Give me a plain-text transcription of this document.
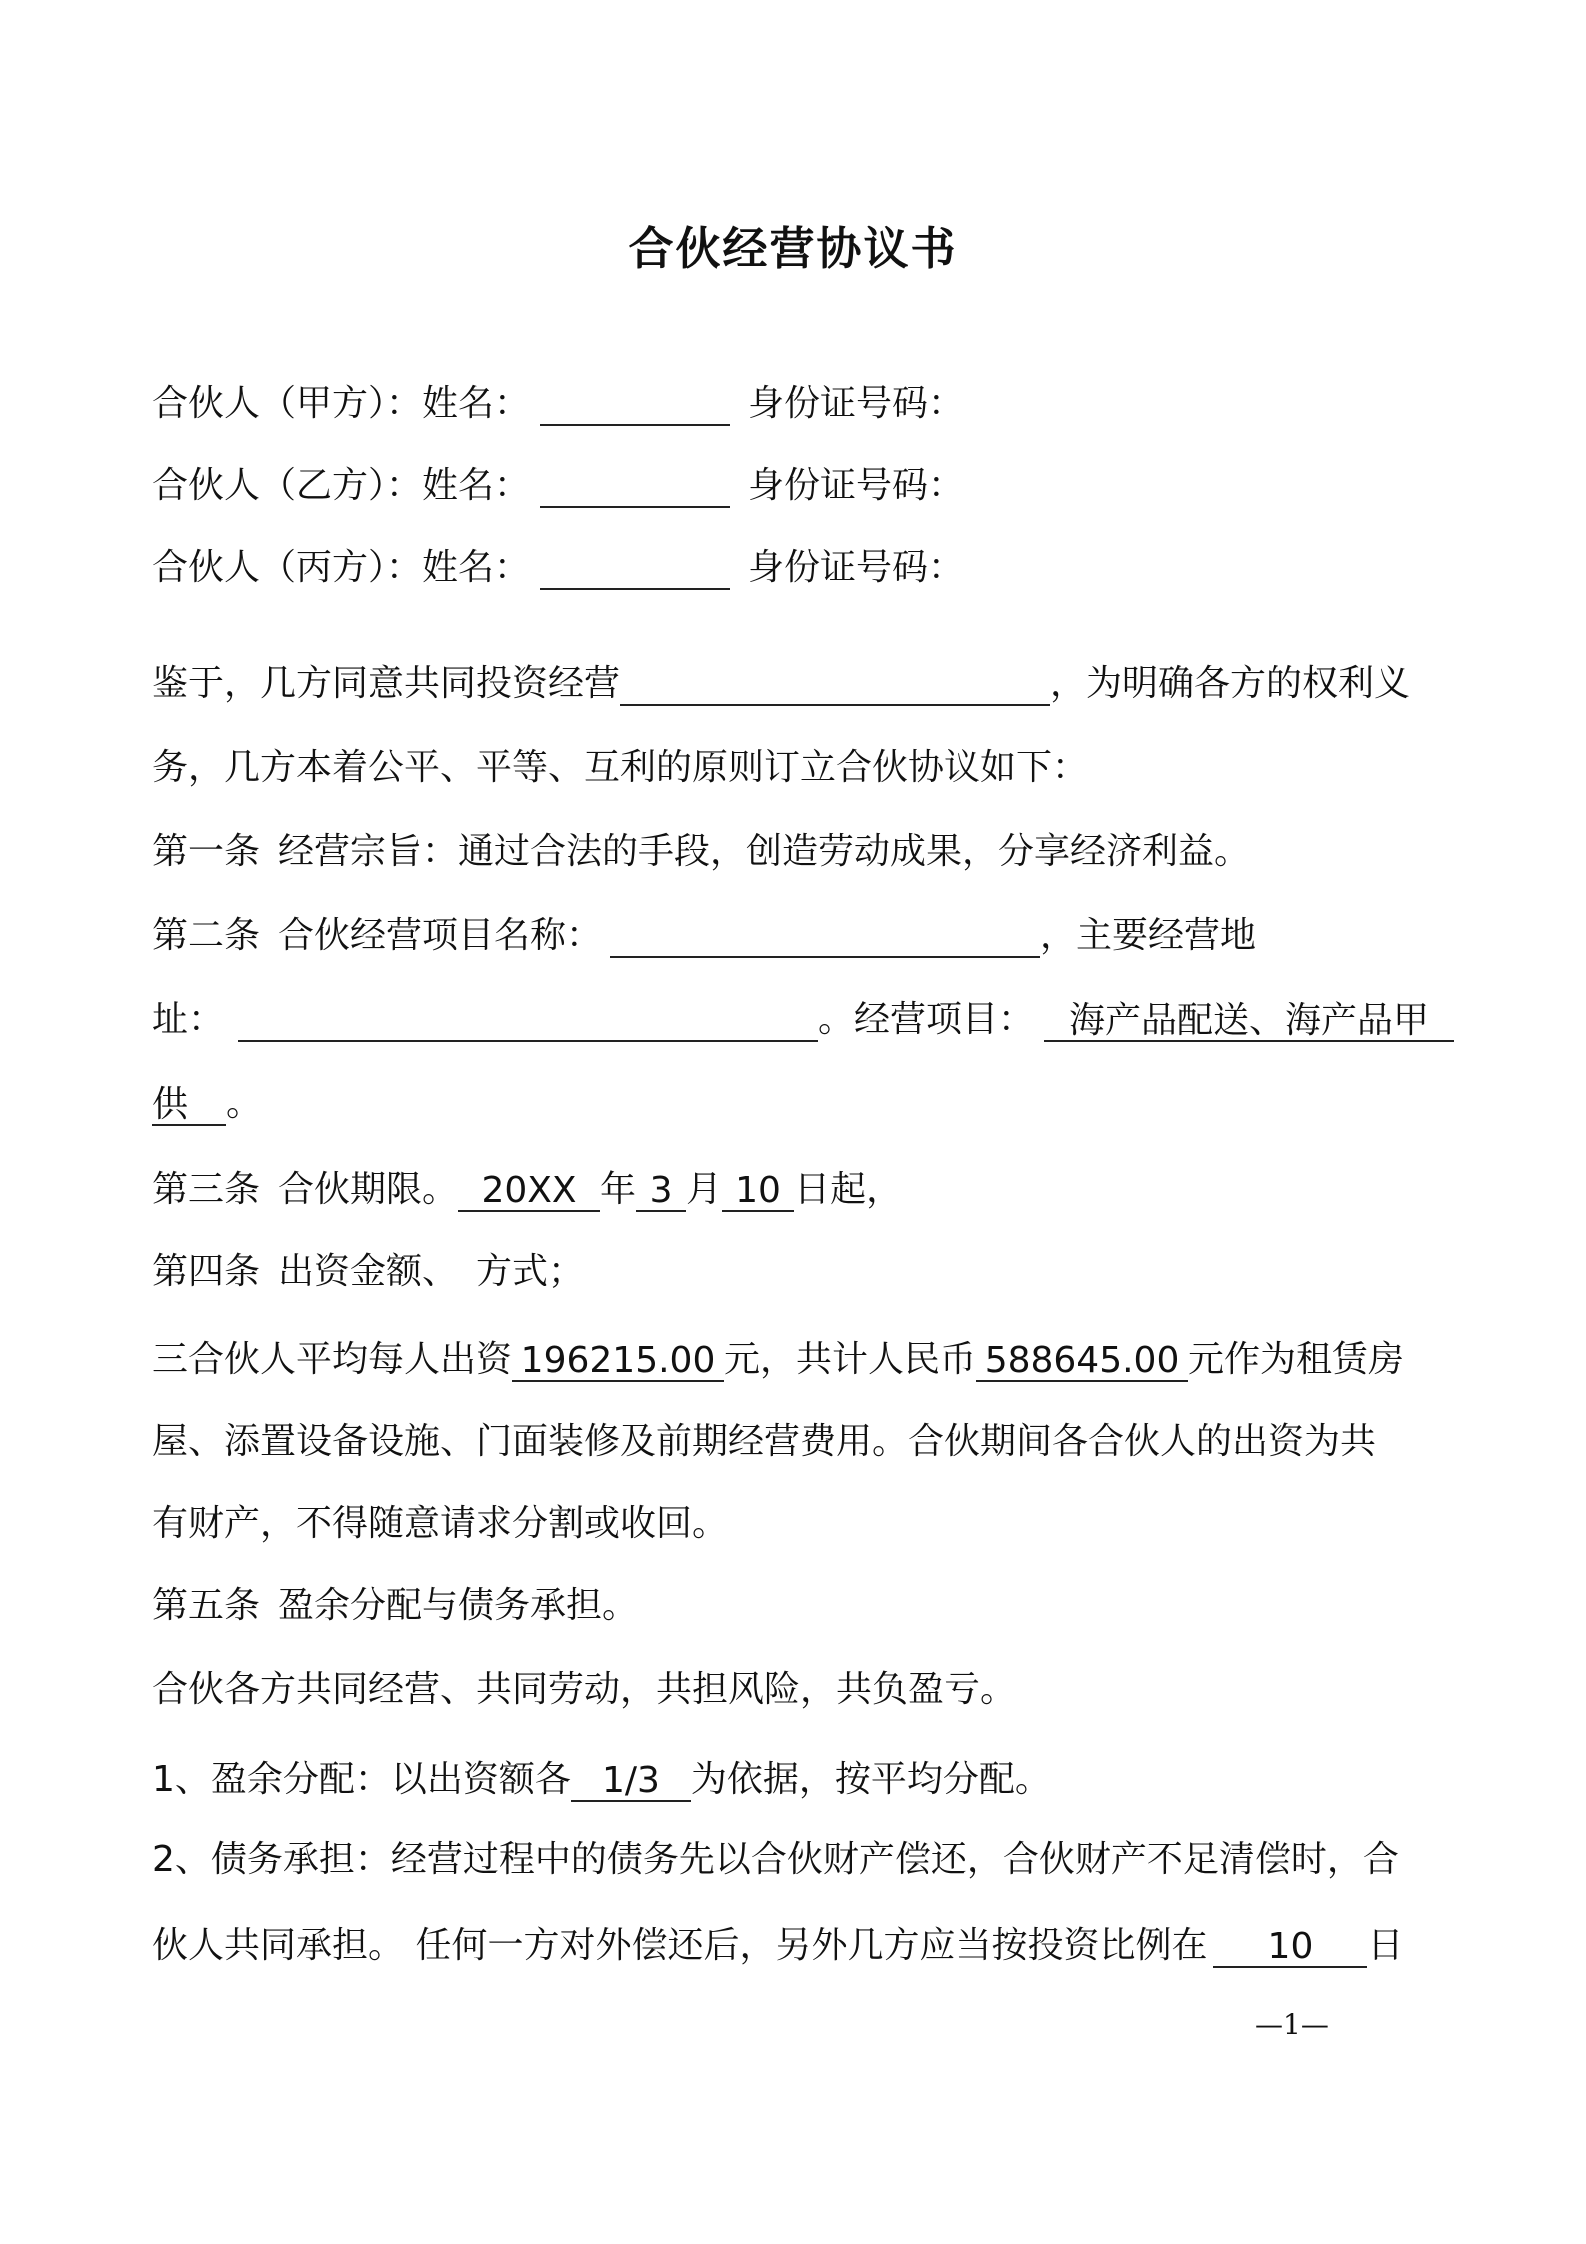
合伙经营协议书
合伙人（甲方）：姓名：	身份证号码：
合伙人（乙方）：姓名：	身份证号码：
合伙人（丙方）：姓名：	身份证号码：
鉴于，几方同意共同投资经营	，为明确各方的权利义
务，几方本着公平、平等、互利的原则订立合伙协议如下：
第一条 经营宗旨：通过合法的手段，创造劳动成果，分享经济利益。
第二条 合伙经营项目名称：	，主要经营地
址：	。经营项目： 海产品配送、海产品甲
供 。
第三条 合伙期限。 20XX 年 3 月 10 日起，
第四条 出资金额、 方式；
三合伙人平均每人出资 196215.00 元，共计人民币 588645.00 元作为租赁房
屋、添置设备设施、门面装修及前期经营费用。合伙期间各合伙人的出资为共
有财产，不得随意请求分割或收回。
第五条 盈余分配与债务承担。
合伙各方共同经营、共同劳动，共担风险，共负盈亏。
1、盈余分配：以出资额各 1/3 为依据，按平均分配。
2、债务承担：经营过程中的债务先以合伙财产偿还，合伙财产不足清偿时，合
伙人共同承担。 任何一方对外偿还后，另外几方应当按投资比例在 10 日
—1—
